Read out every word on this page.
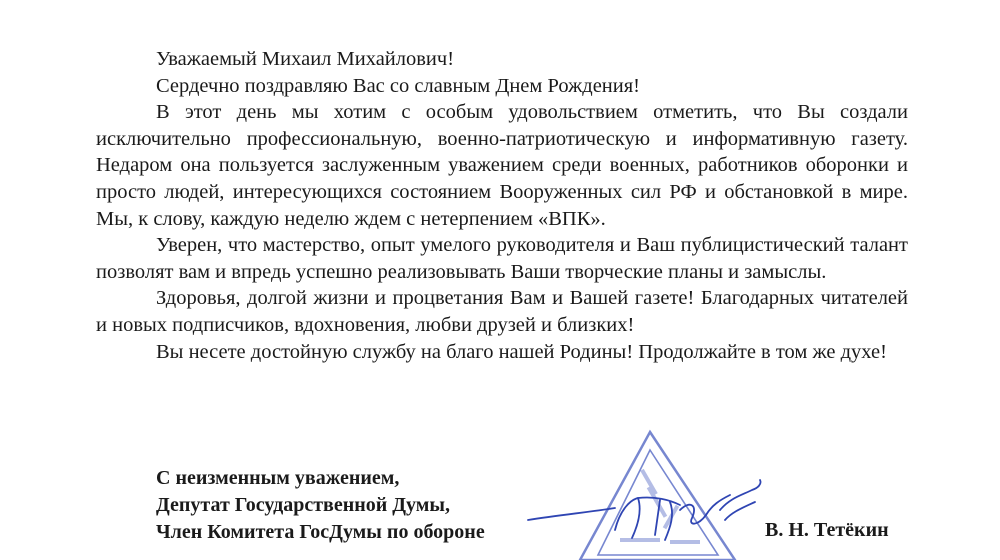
Уважаемый Михаил Михайлович!

Сердечно поздравляю Вас со славным Днем Рождения!

В этот день мы хотим с особым удовольствием отметить, что Вы создали исключительно профессиональную, военно-патриотическую и информативную газету. Недаром она пользуется заслуженным уважением среди военных, работников оборонки и просто людей, интересующихся состоянием Вооруженных сил РФ и обстановкой в мире. Мы, к слову, каждую неделю ждем с нетерпением «ВПК».

Уверен, что мастерство, опыт умелого руководителя и Ваш публицистический талант позволят вам и впредь успешно реализовывать Ваши творческие планы и замыслы.

Здоровья, долгой жизни и процветания Вам и Вашей газете! Благодарных читателей и новых подписчиков, вдохновения, любви друзей и близких!

Вы несете достойную службу на благо нашей Родины! Продолжайте в том же духе!

С неизменным уважением,
Депутат Государственной Думы,
Член Комитета ГосДумы по обороне	В. Н. Тетёкин
